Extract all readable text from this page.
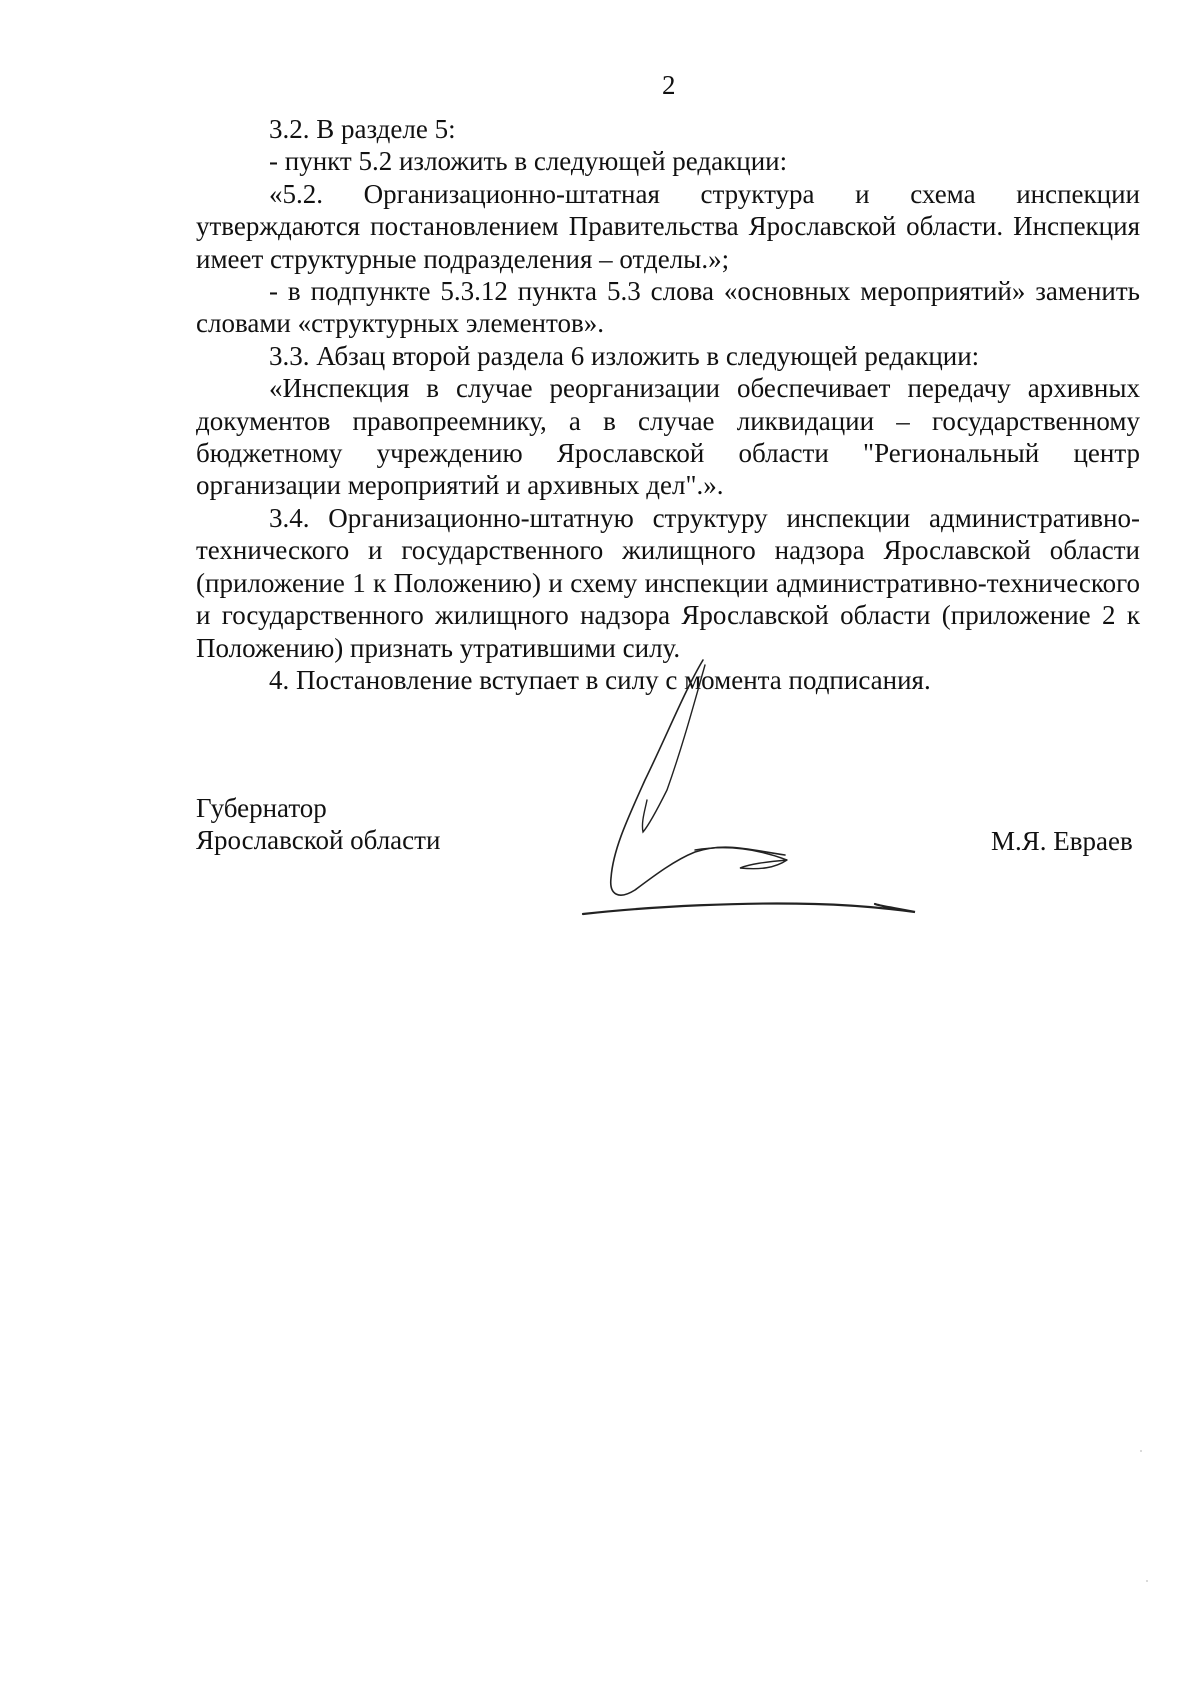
2

3.2. В разделе 5:

- пункт 5.2 изложить в следующей редакции:

«5.2. Организационно-штатная структура и схема инспекции утверждаются постановлением Правительства Ярославской области. Инспекция имеет структурные подразделения – отделы.»;

- в подпункте 5.3.12 пункта 5.3 слова «основных мероприятий» заменить словами «структурных элементов».

3.3. Абзац второй раздела 6 изложить в следующей редакции:

«Инспекция в случае реорганизации обеспечивает передачу архивных документов правопреемнику, а в случае ликвидации – государственному бюджетному учреждению Ярославской области "Региональный центр организации мероприятий и архивных дел".».

3.4. Организационно-штатную структуру инспекции административно-технического и государственного жилищного надзора Ярославской области (приложение 1 к Положению) и схему инспекции административно-технического и государственного жилищного надзора Ярославской области (приложение 2 к Положению) признать утратившими силу.

4. Постановление вступает в силу с момента подписания.

Губернатор
Ярославской области	М.Я. Евраев
